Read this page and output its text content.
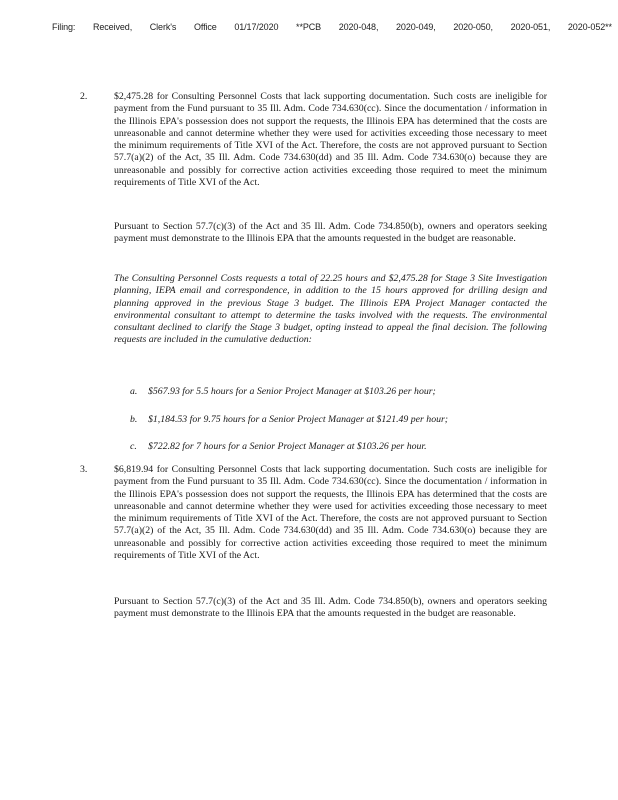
Filing: Received, Clerk's Office 01/17/2020 **PCB 2020-048, 2020-049, 2020-050, 2020-051, 2020-052**
2.	$2,475.28 for Consulting Personnel Costs that lack supporting documentation. Such costs are ineligible for payment from the Fund pursuant to 35 Ill. Adm. Code 734.630(cc). Since the documentation / information in the Illinois EPA's possession does not support the requests, the Illinois EPA has determined that the costs are unreasonable and cannot determine whether they were used for activities exceeding those necessary to meet the minimum requirements of Title XVI of the Act. Therefore, the costs are not approved pursuant to Section 57.7(a)(2) of the Act, 35 Ill. Adm. Code 734.630(dd) and 35 Ill. Adm. Code 734.630(o) because they are unreasonable and possibly for corrective action activities exceeding those required to meet the minimum requirements of Title XVI of the Act.

Pursuant to Section 57.7(c)(3) of the Act and 35 Ill. Adm. Code 734.850(b), owners and operators seeking payment must demonstrate to the Illinois EPA that the amounts requested in the budget are reasonable.

The Consulting Personnel Costs requests a total of 22.25 hours and $2,475.28 for Stage 3 Site Investigation planning, IEPA email and correspondence, in addition to the 15 hours approved for drilling design and planning approved in the previous Stage 3 budget. The Illinois EPA Project Manager contacted the environmental consultant to attempt to determine the tasks involved with the requests. The environmental consultant declined to clarify the Stage 3 budget, opting instead to appeal the final decision. The following requests are included in the cumulative deduction:

a. $567.93 for 5.5 hours for a Senior Project Manager at $103.26 per hour;
b. $1,184.53 for 9.75 hours for a Senior Project Manager at $121.49 per hour;
c. $722.82 for 7 hours for a Senior Project Manager at $103.26 per hour.
3.	$6,819.94 for Consulting Personnel Costs that lack supporting documentation. Such costs are ineligible for payment from the Fund pursuant to 35 Ill. Adm. Code 734.630(cc). Since the documentation / information in the Illinois EPA's possession does not support the requests, the Illinois EPA has determined that the costs are unreasonable and cannot determine whether they were used for activities exceeding those necessary to meet the minimum requirements of Title XVI of the Act. Therefore, the costs are not approved pursuant to Section 57.7(a)(2) of the Act, 35 Ill. Adm. Code 734.630(dd) and 35 Ill. Adm. Code 734.630(o) because they are unreasonable and possibly for corrective action activities exceeding those required to meet the minimum requirements of Title XVI of the Act.

Pursuant to Section 57.7(c)(3) of the Act and 35 Ill. Adm. Code 734.850(b), owners and operators seeking payment must demonstrate to the Illinois EPA that the amounts requested in the budget are reasonable.
